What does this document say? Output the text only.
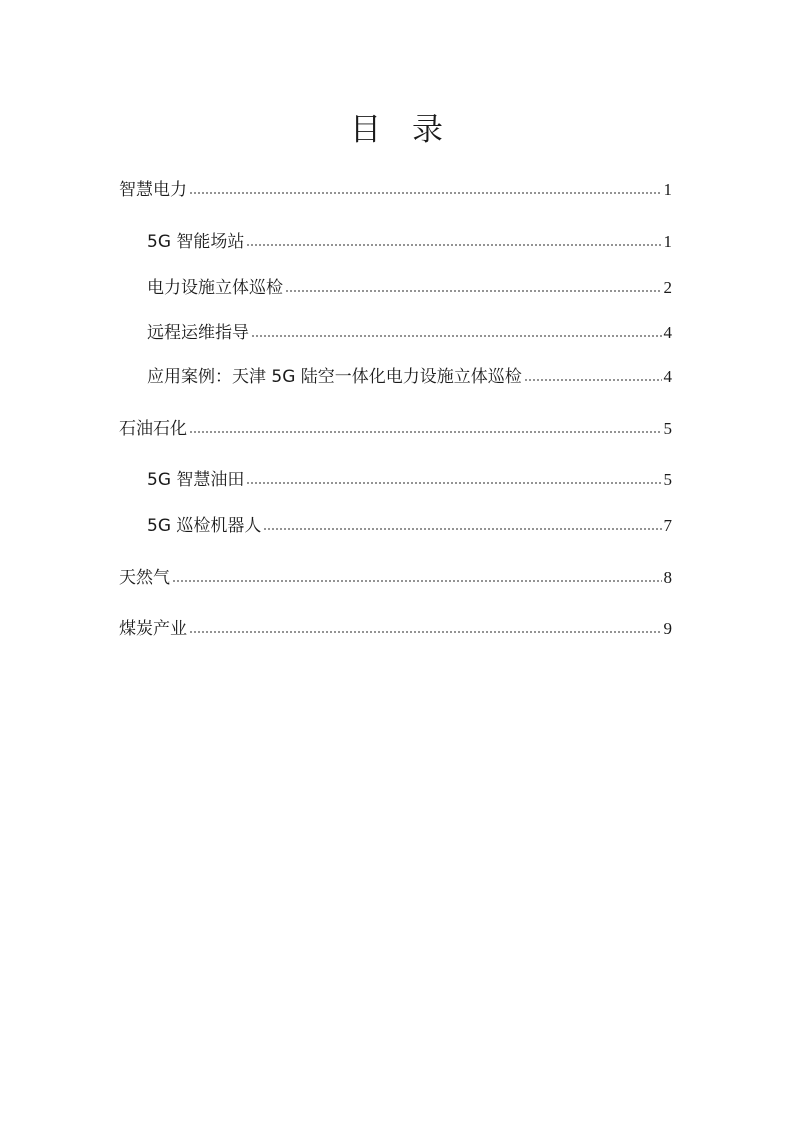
目　录
智慧电力	1
5G 智能场站	1
电力设施立体巡检	2
远程运维指导	4
应用案例：天津 5G 陆空一体化电力设施立体巡检	4
石油石化	5
5G 智慧油田	5
5G 巡检机器人	7
天然气	8
煤炭产业	9
